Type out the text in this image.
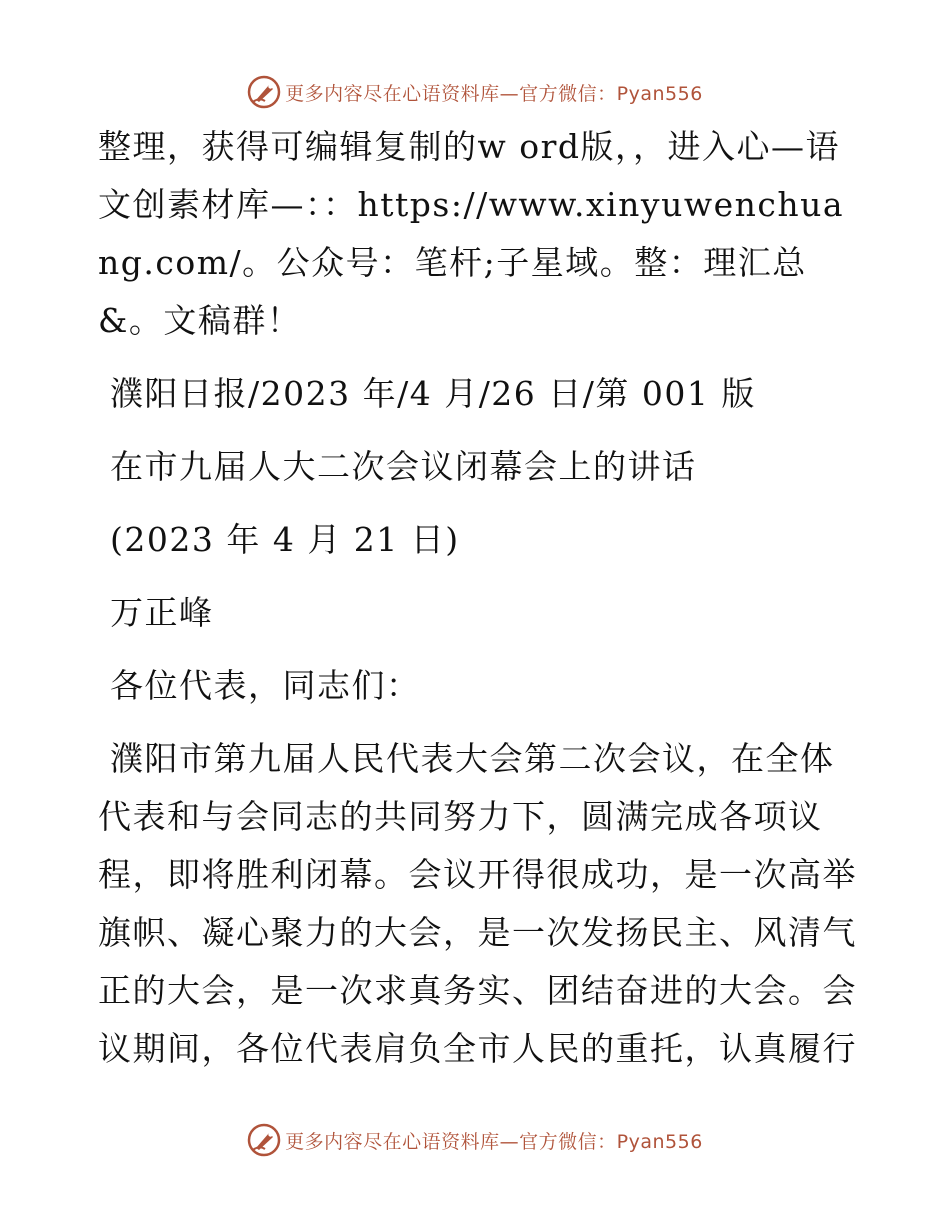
更多内容尽在心语资料库—官方微信：Pyan556

整理，获得可编辑复制的w ord版，，进入心—语文创素材库—：：https://www.xinyuwenchuang.com/。公众号：笔杆;子星域。整：理汇总&。文稿群！

濮阳日报/2023 年/4 月/26 日/第 001 版

在市九届人大二次会议闭幕会上的讲话

(2023 年 4 月 21 日)

万正峰

各位代表，同志们：

濮阳市第九届人民代表大会第二次会议，在全体代表和与会同志的共同努力下，圆满完成各项议程，即将胜利闭幕。会议开得很成功，是一次高举旗帜、凝心聚力的大会，是一次发扬民主、风清气正的大会，是一次求真务实、团结奋进的大会。会议期间，各位代表肩负全市人民的重托，认真履行

更多内容尽在心语资料库—官方微信：Pyan556
